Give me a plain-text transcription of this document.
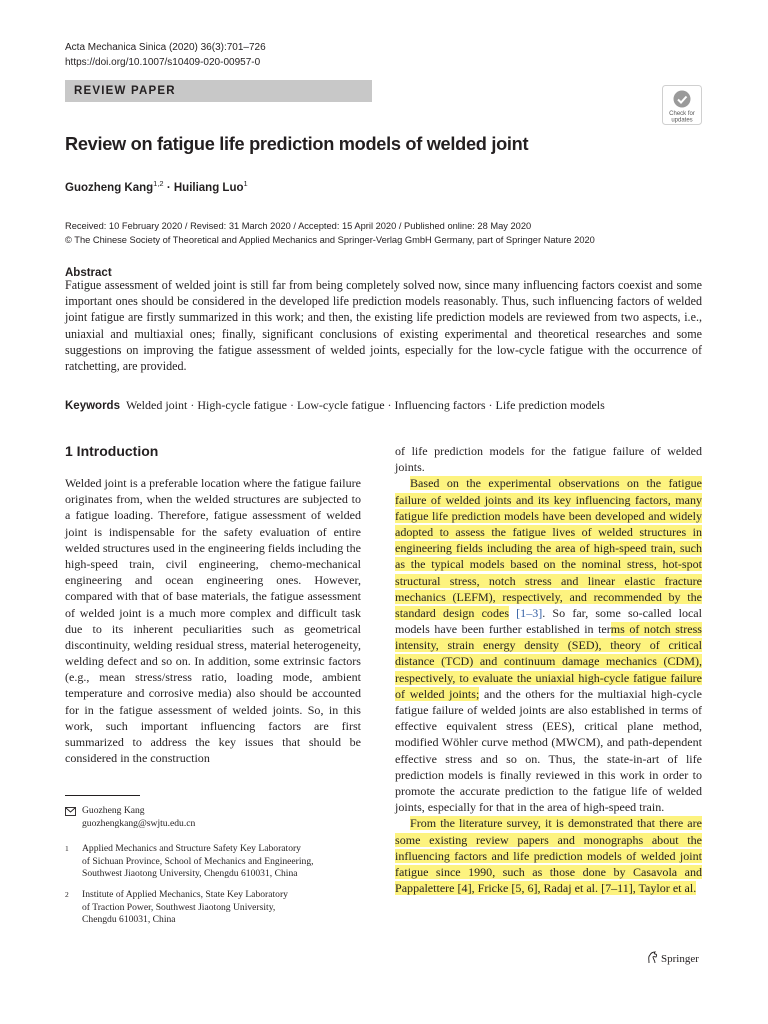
Acta Mechanica Sinica (2020) 36(3):701–726
https://doi.org/10.1007/s10409-020-00957-0
REVIEW PAPER
Check for
updates
Review on fatigue life prediction models of welded joint
Guozheng Kang$^{1,2}$ · Huiliang Luo$^1$
Received: 10 February 2020 / Revised: 31 March 2020 / Accepted: 15 April 2020 / Published online: 28 May 2020
© The Chinese Society of Theoretical and Applied Mechanics and Springer-Verlag GmbH Germany, part of Springer Nature 2020
Abstract
Fatigue assessment of welded joint is still far from being completely solved now, since many influencing factors coexist and some important ones should be considered in the developed life prediction models reasonably. Thus, such influencing factors of welded joint fatigue are firstly summarized in this work; and then, the existing life prediction models are reviewed from two aspects, i.e., uniaxial and multiaxial ones; finally, significant conclusions of existing experimental and theoretical researches and some suggestions on improving the fatigue assessment of welded joints, especially for the low-cycle fatigue with the occurrence of ratchetting, are provided.
Keywords Welded joint · High-cycle fatigue · Low-cycle fatigue · Influencing factors · Life prediction models
1 Introduction

Welded joint is a preferable location where the fatigue failure originates from, when the welded structures are subjected to a fatigue loading. Therefore, fatigue assessment of welded joint is indispensable for the safety evaluation of entire welded structures used in the engineering fields including the high-speed train, civil engineering, chemo-mechanical engineering and ocean engineering ones. However, compared with that of base materials, the fatigue assessment of welded joint is a much more complex and difficult task due to its inherent peculiarities such as geometrical discontinuity, welding residual stress, material heterogeneity, welding defect and so on. In addition, some extrinsic factors (e.g., mean stress/stress ratio, loading mode, ambient temperature and corrosive media) also should be accounted for in the fatigue assessment of welded joints. So, in this work, such important influencing factors are first summarized to address the key issues that should be considered in the construction

of life prediction models for the fatigue failure of welded joints.

Based on the experimental observations on the fatigue failure of welded joints and its key influencing factors, many fatigue life prediction models have been developed and widely adopted to assess the fatigue lives of welded structures in engineering fields including the area of high-speed train, such as the typical models based on the nominal stress, hot-spot structural stress, notch stress and linear elastic fracture mechanics (LEFM), respectively, and recommended by the standard design codes [1–3]. So far, some so-called local models have been further established in terms of notch stress intensity, strain energy density (SED), theory of critical distance (TCD) and continuum damage mechanics (CDM), respectively, to evaluate the uniaxial high-cycle fatigue failure of welded joints; and the others for the multiaxial high-cycle fatigue failure of welded joints are also established in terms of effective equivalent stress (EES), critical plane method, modified Wöhler curve method (MWCM), and path-dependent effective stress and so on. Thus, the state-in-art of life prediction models is finally reviewed in this work in order to promote the accurate prediction to the fatigue life of welded joints, especially for that in the area of high-speed train.

From the literature survey, it is demonstrated that there are some existing review papers and monographs about the influencing factors and life prediction models of welded joint fatigue since 1990, such as those done by Casavola and Pappalettere [4], Fricke [5, 6], Radaj et al. [7–11], Taylor et al.

Guozheng Kang
guozhengkang@swjtu.edu.cn
1 Applied Mechanics and Structure Safety Key Laboratory
of Sichuan Province, School of Mechanics and Engineering,
Southwest Jiaotong University, Chengdu 610031, China
2 Institute of Applied Mechanics, State Key Laboratory
of Traction Power, Southwest Jiaotong University,
Chengdu 610031, China
Springer
